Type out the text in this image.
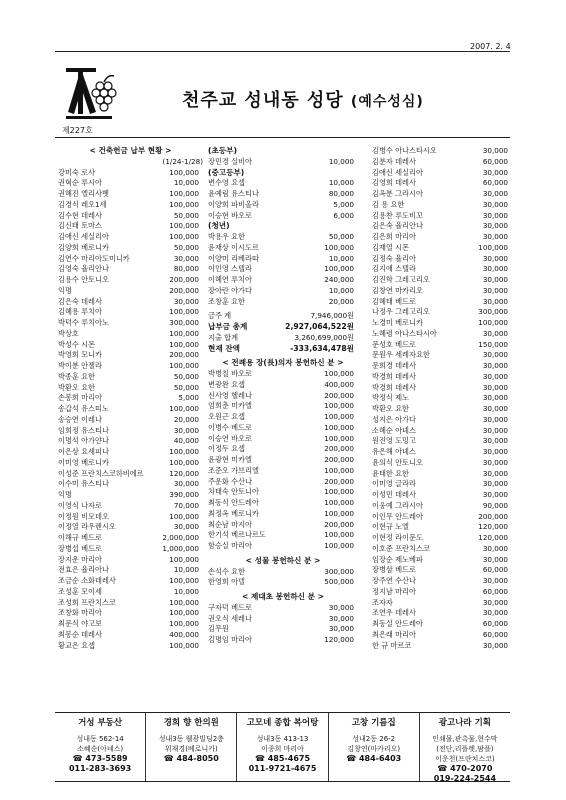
2007. 2. 4
제227호
천주교 성내동 성당 (예수성심)
< 건축헌금 납부 현황 >
(1/24-1/28)
강미숙 로사	100,000
권혁순 루시아	10,000
권혜진 엘리사벳	100,000
김경식 레오1세	100,000
김수현 데레사	50,000
김신태 토마스	100,000
김애신 세실리아	100,000
김양희 베로니카	50,000
김연수 마리아도미니카	30,000
김영숙 율리안나	80,000
김용수 안토니오	200,000
익명	200,000
김은숙 데레사	30,000
김혜용 루치아	100,000
박덕수 루치아노	300,000
박상호	100,000
박성수 시몬	100,000
박영희 모니카	200,000
박이분 안젤라	100,000
박종훈 요한	50,000
박환오 요한	50,000
손봉희 마리아	5,000
송갑석 유스띠노	100,000
송승연 이레나	20,000
임희정 유스티나	30,000
이명석 아가얀나	40,000
이은상 요세피나	100,000
이미영 베로니카	100,000
이성준 프란치스코하비에르	120,000
이수미 유스티나	30,000
익명	390,000
이영식 나자로	70,000
이정원 비모데오	100,000
이정열 라우렌시오	30,000
이해규 베드로	2,000,000
장병섭 베드로	1,000,000
장지운 마리아	100,000
전효은 율리아나	10,000
조금순 소화데레사	100,000
조성훈 모이세	10,000
조성희 프란치스코	100,000
조창화 마리아	100,000
최문식 야고보	100,000
최봉순 데레사	400,000
황교은 요셉	100,000
(초등부)
장민경 실비아	10,000
(중고등부)
변수영 요셉	10,000
윤예림 유스티나	80,000
이양희 파비올라	5,000
이승현 바오로	6,000
(청년)
박용우 요한	50,000
윤재상 이시도르	100,000
이양미 리베라따	10,000
이인영 스텔라	100,000
이혜연 루치아	240,000
장아란 아가다	10,000
조창훈 요한	20,000
금주 계	7,946,000원
납부금 총계	2,927,064,522원
지출 합계	3,260,699,000원
현재 잔액	-333,634,478원
< 전례용 장(長)의자 봉헌하신 분 >
박병칠 바오로	100,000
변광완 요셉	400,000
신사영 헬레나	200,000
엄희춘 미카엘	100,000
오원근 요셉	100,000
이병수 베드로	100,000
이승연 바오로	100,000
이정두 요셉	200,000
윤광현 미카엘	200,000
조준오 가브리엘	100,000
주운화 수산나	200,000
차태숙 안토니아	100,000
최동식 안드레아	100,000
최정옥 베로니카	100,000
최순남 마지아	200,000
한기석 베르나르도	100,000
함승실 마리아	100,000
< 성물 봉헌하신 분 >
손석수 요한	300,000
한영희 아델	500,000
< 제대초 봉헌하신 분 >
구자덕 베드로	30,000
권오식 세레나	30,000
김무원	30,000
김명임 마리아	120,000
김병수 아나스타시오	30,000
김분자 데레사	60,000
김애신 세실리아	30,000
김영희 데레사	60,000
김옥분 그라시아	30,000
김 용 요한	30,000
김용찬 루도비꼬	30,000
김은숙 율리안나	30,000
김은희 마리아	30,000
김재열 시몬	100,000
김정숙 율리아	30,000
김지애 스텔라	30,000
김진학 그레고리오	30,000
김창연 마카리오	30,000
김혜태 베드로	30,000
나정우 그레고리오	300,000
노경미 베로니카	100,000
노혜령 아나스타시아	30,000
문성호 베드로	150,000
문원우 세례자요한	30,000
문희경 데레사	30,000
박경희 데레사	30,000
박경희 데레사	30,000
박정식 제노	30,000
박환오 요한	30,000
성지은 아가다	30,000
소혜순 아녜스	30,000
원진영 도밍고	30,000
유은해 아녜스	30,000
윤의식 안토니오	30,000
윤태한 요한	30,000
이미영 글라라	30,000
이성민 데레사	30,000
이웅예 그라시아	90,000
이인무 안드레아	200,000
이현규 노엘	120,000
이현정 라이문도	120,000
이호준 프란치스코	30,000
임장순 제노베파	30,000
장병삼 베드로	60,000
장주연 수산나	30,000
정지남 마리아	60,000
조자자	30,000
조연우 데레사	30,000
최동실 안드레아	60,000
최은래 마리아	60,000
한 규 마르코	30,000
거성 부동산
성내동 562-14
소혜순(아녜스)
☎ 473-5589
011-283-3693
경희 향 한의원
성내3동 웰광빌딩2층
위재경(베로니카)
☎ 484-8050
고모네 종합 복어탕
성내3동 413-13
이종희 마리아
☎ 485-4675
011-9721-4675
고창 기름집
성내2동 26-2
김창연(마카리오)
☎ 484-6403
광고나라 기획
인쇄물,관촉물,현수막
(전단,리플렛,팜플)
이운천(프란치스코)
☎ 470-2070
019-224-2544
